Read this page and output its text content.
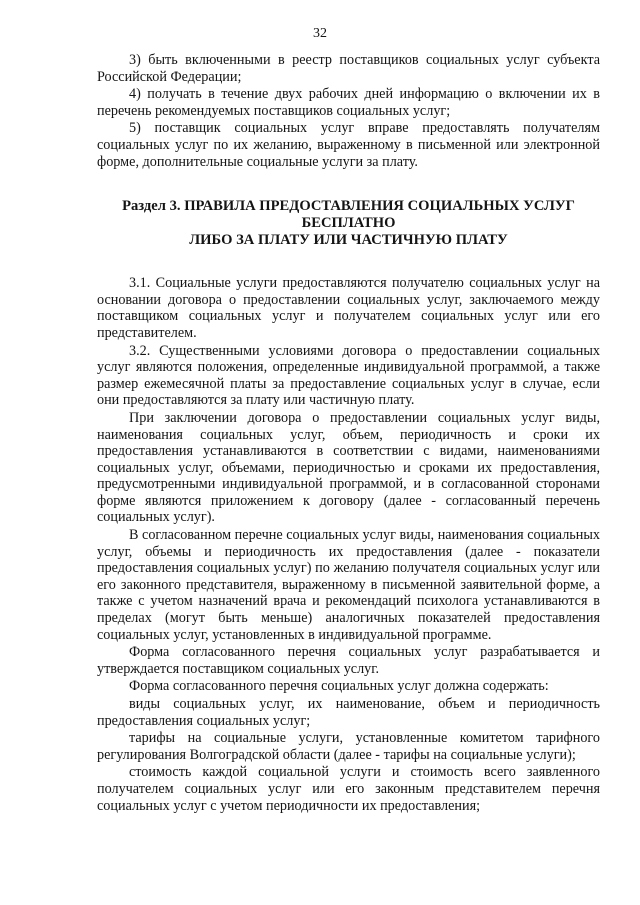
32

3) быть включенными в реестр поставщиков социальных услуг субъекта Российской Федерации;

4) получать в течение двух рабочих дней информацию о включении их в перечень рекомендуемых поставщиков социальных услуг;

5) поставщик социальных услуг вправе предоставлять получателям социальных услуг по их желанию, выраженному в письменной или электронной форме, дополнительные социальные услуги за плату.

Раздел 3. ПРАВИЛА ПРЕДОСТАВЛЕНИЯ СОЦИАЛЬНЫХ УСЛУГ
БЕСПЛАТНО
ЛИБО ЗА ПЛАТУ ИЛИ ЧАСТИЧНУЮ ПЛАТУ

3.1. Социальные услуги предоставляются получателю социальных услуг на основании договора о предоставлении социальных услуг, заключаемого между поставщиком социальных услуг и получателем социальных услуг или его представителем.

3.2. Существенными условиями договора о предоставлении социальных услуг являются положения, определенные индивидуальной программой, а также размер ежемесячной платы за предоставление социальных услуг в случае, если они предоставляются за плату или частичную плату.

При заключении договора о предоставлении социальных услуг виды, наименования социальных услуг, объем, периодичность и сроки их предоставления устанавливаются в соответствии с видами, наименованиями социальных услуг, объемами, периодичностью и сроками их предоставления, предусмотренными индивидуальной программой, и в согласованной сторонами форме являются приложением к договору (далее - согласованный перечень социальных услуг).

В согласованном перечне социальных услуг виды, наименования социальных услуг, объемы и периодичность их предоставления (далее - показатели предоставления социальных услуг) по желанию получателя социальных услуг или его законного представителя, выраженному в письменной заявительной форме, а также с учетом назначений врача и рекомендаций психолога устанавливаются в пределах (могут быть меньше) аналогичных показателей предоставления социальных услуг, установленных в индивидуальной программе.

Форма согласованного перечня социальных услуг разрабатывается и утверждается поставщиком социальных услуг.

Форма согласованного перечня социальных услуг должна содержать:

виды социальных услуг, их наименование, объем и периодичность предоставления социальных услуг;

тарифы на социальные услуги, установленные комитетом тарифного регулирования Волгоградской области (далее - тарифы на социальные услуги);

стоимость каждой социальной услуги и стоимость всего заявленного получателем социальных услуг или его законным представителем перечня социальных услуг с учетом периодичности их предоставления;
